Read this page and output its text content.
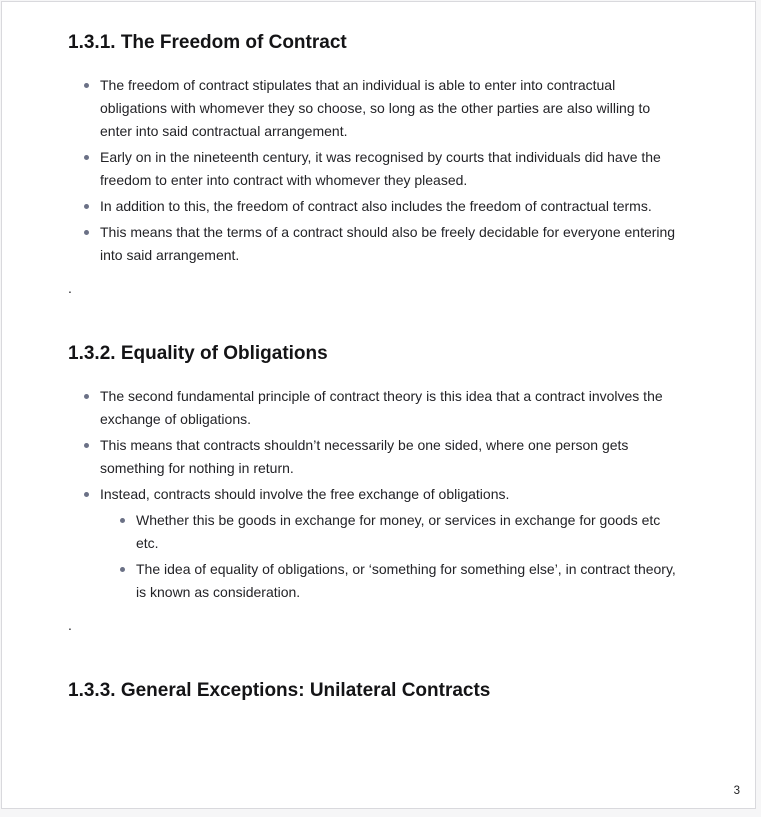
1.3.1. The Freedom of Contract
The freedom of contract stipulates that an individual is able to enter into contractual obligations with whomever they so choose, so long as the other parties are also willing to enter into said contractual arrangement.
Early on in the nineteenth century, it was recognised by courts that individuals did have the freedom to enter into contract with whomever they pleased.
In addition to this, the freedom of contract also includes the freedom of contractual terms.
This means that the terms of a contract should also be freely decidable for everyone entering into said arrangement.

.

1.3.2. Equality of Obligations
The second fundamental principle of contract theory is this idea that a contract involves the exchange of obligations.
This means that contracts shouldn’t necessarily be one sided, where one person gets something for nothing in return.
Instead, contracts should involve the free exchange of obligations.
Whether this be goods in exchange for money, or services in exchange for goods etc etc.
The idea of equality of obligations, or ‘something for something else’, in contract theory, is known as consideration.

.

1.3.3. General Exceptions: Unilateral Contracts
3
